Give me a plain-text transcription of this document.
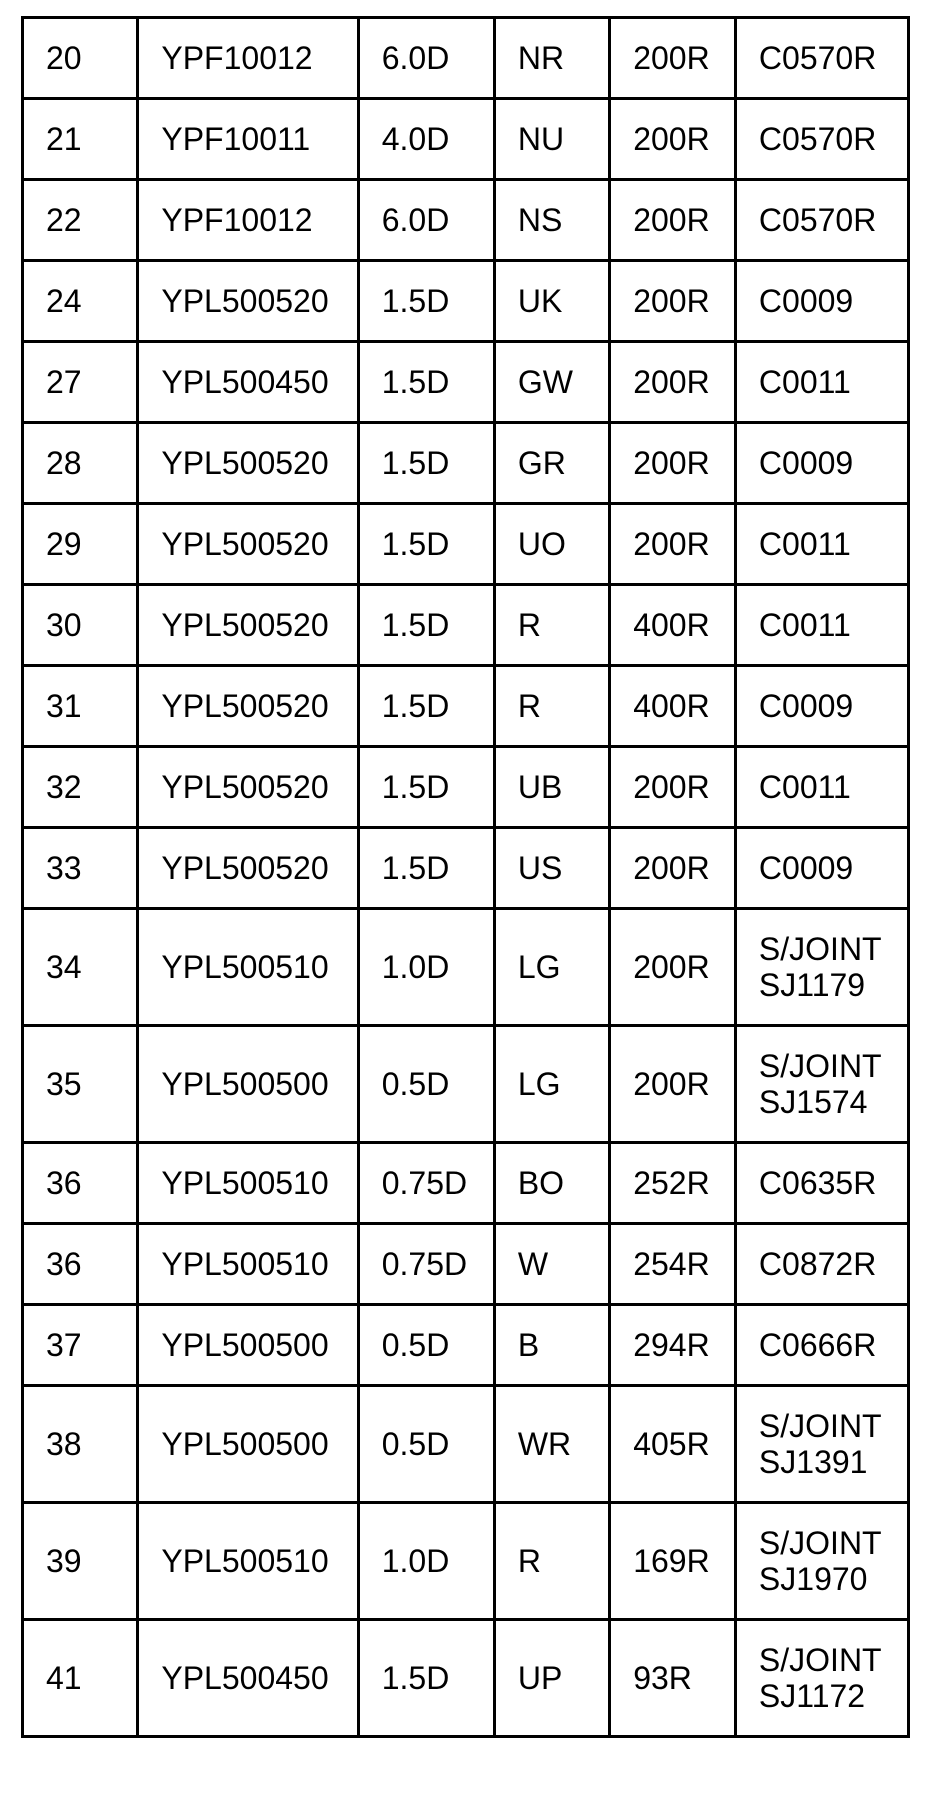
20	YPF10012	6.0D	NR	200R	C0570R
21	YPF10011	4.0D	NU	200R	C0570R
22	YPF10012	6.0D	NS	200R	C0570R
24	YPL500520	1.5D	UK	200R	C0009
27	YPL500450	1.5D	GW	200R	C0011
28	YPL500520	1.5D	GR	200R	C0009
29	YPL500520	1.5D	UO	200R	C0011
30	YPL500520	1.5D	R	400R	C0011
31	YPL500520	1.5D	R	400R	C0009
32	YPL500520	1.5D	UB	200R	C0011
33	YPL500520	1.5D	US	200R	C0009
34	YPL500510	1.0D	LG	200R	S/JOINT
SJ1179

35	YPL500500	0.5D	LG	200R	S/JOINT
SJ1574

36	YPL500510	0.75D	BO	252R	C0635R
36	YPL500510	0.75D	W	254R	C0872R
37	YPL500500	0.5D	B	294R	C0666R
38	YPL500500	0.5D	WR	405R	S/JOINT
SJ1391

39	YPL500510	1.0D	R	169R	S/JOINT
SJ1970

41	YPL500450	1.5D	UP	93R	S/JOINT
SJ1172
